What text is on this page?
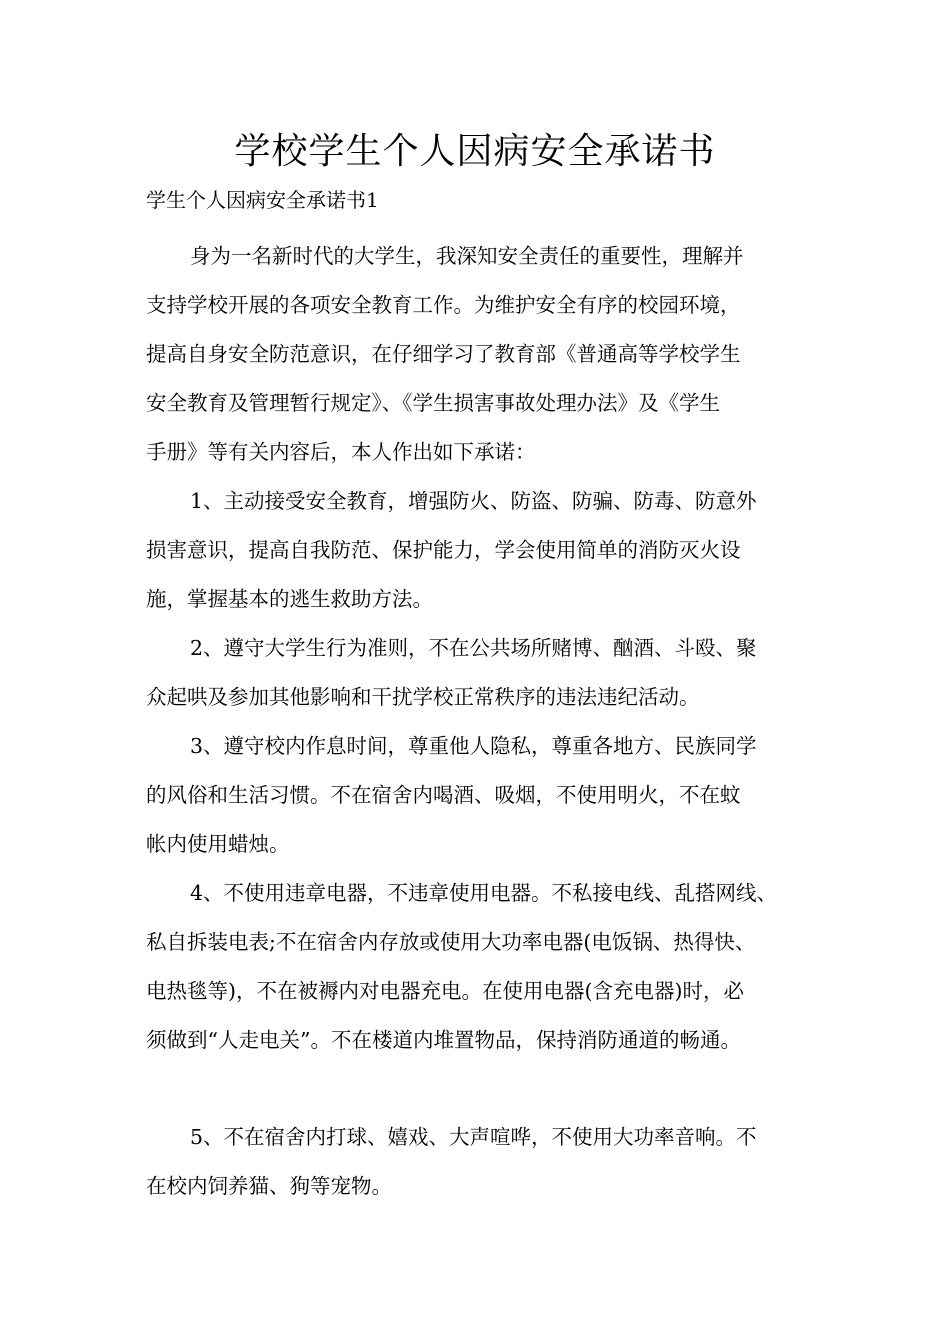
学校学生个人因病安全承诺书
学生个人因病安全承诺书1
身为一名新时代的大学生，我深知安全责任的重要性，理解并
支持学校开展的各项安全教育工作。为维护安全有序的校园环境，
提高自身安全防范意识，在仔细学习了教育部《普通高等学校学生
安全教育及管理暂行规定》、《学生损害事故处理办法》及《学生
手册》等有关内容后，本人作出如下承诺：
1、主动接受安全教育，增强防火、防盗、防骗、防毒、防意外
损害意识，提高自我防范、保护能力，学会使用简单的消防灭火设
施，掌握基本的逃生救助方法。
2、遵守大学生行为准则，不在公共场所赌博、酗酒、斗殴、聚
众起哄及参加其他影响和干扰学校正常秩序的违法违纪活动。
3、遵守校内作息时间，尊重他人隐私，尊重各地方、民族同学
的风俗和生活习惯。不在宿舍内喝酒、吸烟，不使用明火，不在蚊
帐内使用蜡烛。
4、不使用违章电器，不违章使用电器。不私接电线、乱搭网线、
私自拆装电表;不在宿舍内存放或使用大功率电器(电饭锅、热得快、
电热毯等)，不在被褥内对电器充电。在使用电器(含充电器)时，必
须做到“人走电关”。不在楼道内堆置物品，保持消防通道的畅通。
5、不在宿舍内打球、嬉戏、大声喧哗，不使用大功率音响。不
在校内饲养猫、狗等宠物。
